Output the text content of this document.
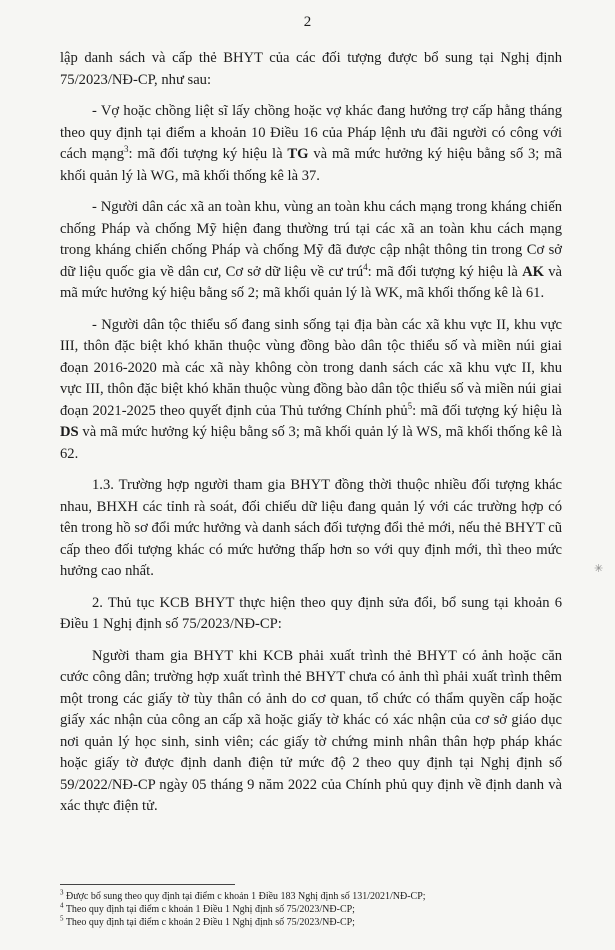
2

lập danh sách và cấp thẻ BHYT của các đối tượng được bổ sung tại Nghị định 75/2023/NĐ-CP, như sau:

- Vợ hoặc chồng liệt sĩ lấy chồng hoặc vợ khác đang hưởng trợ cấp hằng tháng theo quy định tại điểm a khoản 10 Điều 16 của Pháp lệnh ưu đãi người có công với cách mạng$^3$: mã đối tượng ký hiệu là TG và mã mức hưởng ký hiệu bằng số 3; mã khối quản lý là WG, mã khối thống kê là 37.

- Người dân các xã an toàn khu, vùng an toàn khu cách mạng trong kháng chiến chống Pháp và chống Mỹ hiện đang thường trú tại các xã an toàn khu cách mạng trong kháng chiến chống Pháp và chống Mỹ đã được cập nhật thông tin trong Cơ sở dữ liệu quốc gia về dân cư, Cơ sở dữ liệu về cư trú$^4$: mã đối tượng ký hiệu là AK và mã mức hưởng ký hiệu bằng số 2; mã khối quản lý là WK, mã khối thống kê là 61.

- Người dân tộc thiểu số đang sinh sống tại địa bàn các xã khu vực II, khu vực III, thôn đặc biệt khó khăn thuộc vùng đồng bào dân tộc thiểu số và miền núi giai đoạn 2016-2020 mà các xã này không còn trong danh sách các xã khu vực II, khu vực III, thôn đặc biệt khó khăn thuộc vùng đồng bào dân tộc thiểu số và miền núi giai đoạn 2021-2025 theo quyết định của Thủ tướng Chính phủ$^5$: mã đối tượng ký hiệu là DS và mã mức hưởng ký hiệu bằng số 3; mã khối quản lý là WS, mã khối thống kê là 62.

1.3. Trường hợp người tham gia BHYT đồng thời thuộc nhiều đối tượng khác nhau, BHXH các tỉnh rà soát, đối chiếu dữ liệu đang quản lý với các trường hợp có tên trong hồ sơ đổi mức hưởng và danh sách đối tượng đổi thẻ mới, nếu thẻ BHYT cũ cấp theo đối tượng khác có mức hưởng thấp hơn so với quy định mới, thì theo mức hưởng cao nhất.

2. Thủ tục KCB BHYT thực hiện theo quy định sửa đổi, bổ sung tại khoản 6 Điều 1 Nghị định số 75/2023/NĐ-CP:

Người tham gia BHYT khi KCB phải xuất trình thẻ BHYT có ảnh hoặc căn cước công dân; trường hợp xuất trình thẻ BHYT chưa có ảnh thì phải xuất trình thêm một trong các giấy tờ tùy thân có ảnh do cơ quan, tổ chức có thẩm quyền cấp hoặc giấy xác nhận của công an cấp xã hoặc giấy tờ khác có xác nhận của cơ sở giáo dục nơi quản lý học sinh, sinh viên; các giấy tờ chứng minh nhân thân hợp pháp khác hoặc giấy tờ được định danh điện tử mức độ 2 theo quy định tại Nghị định số 59/2022/NĐ-CP ngày 05 tháng 9 năm 2022 của Chính phủ quy định về định danh và xác thực điện tử.

✳
$^3$ Được bổ sung theo quy định tại điểm c khoản 1 Điều 183 Nghị định số 131/2021/NĐ-CP;
$^4$ Theo quy định tại điểm c khoản 1 Điều 1 Nghị định số 75/2023/NĐ-CP;
$^5$ Theo quy định tại điểm c khoản 2 Điều 1 Nghị định số 75/2023/NĐ-CP;
